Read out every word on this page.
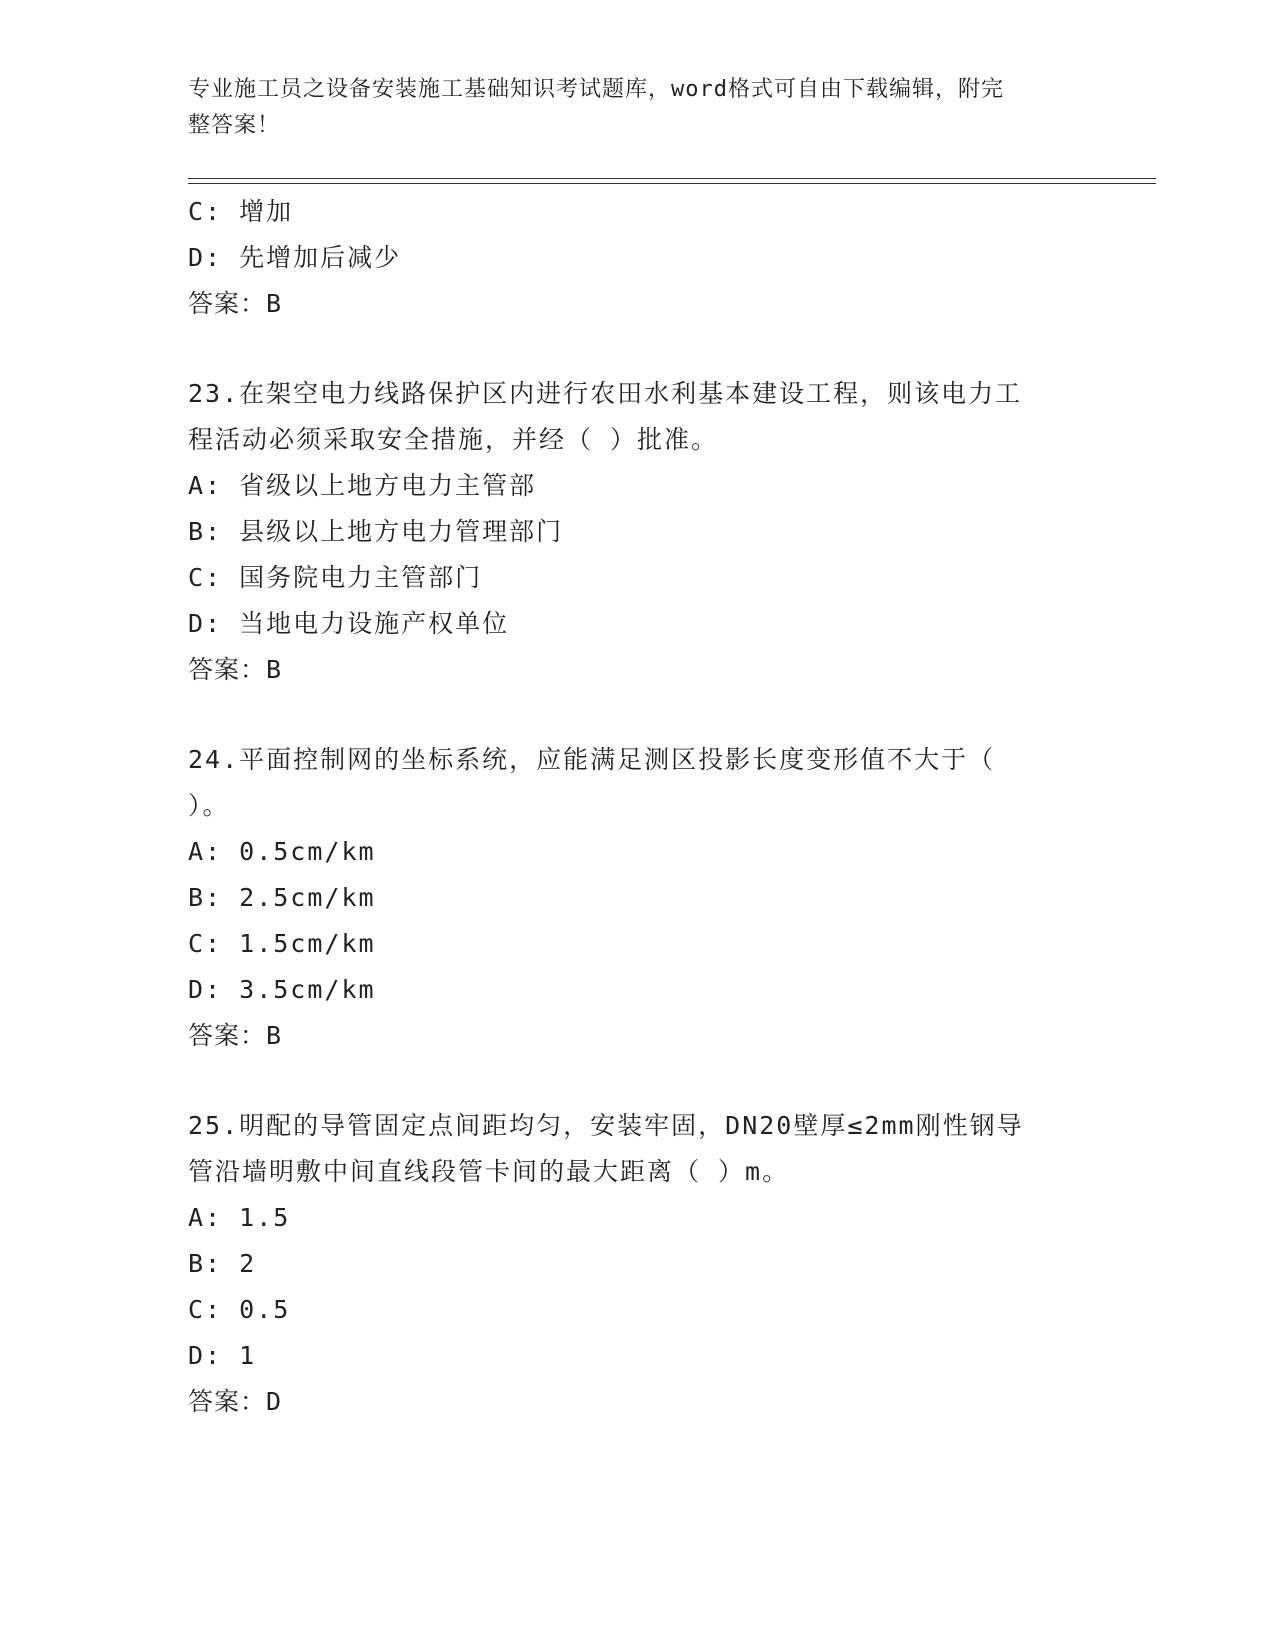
专业施工员之设备安装施工基础知识考试题库，word格式可自由下载编辑，附完
整答案！
C: 增加
D: 先增加后减少
答案：B
23.在架空电力线路保护区内进行农田水利基本建设工程，则该电力工
程活动必须采取安全措施，并经（ ）批准。
A: 省级以上地方电力主管部
B: 县级以上地方电力管理部门
C: 国务院电力主管部门
D: 当地电力设施产权单位
答案：B
24.平面控制网的坐标系统，应能满足测区投影长度变形值不大于（
）。
A: 0.5cm/km
B: 2.5cm/km
C: 1.5cm/km
D: 3.5cm/km
答案：B
25.明配的导管固定点间距均匀，安装牢固，DN20壁厚≤2mm刚性钢导
管沿墙明敷中间直线段管卡间的最大距离（ ）m。
A: 1.5
B: 2
C: 0.5
D: 1
答案：D
